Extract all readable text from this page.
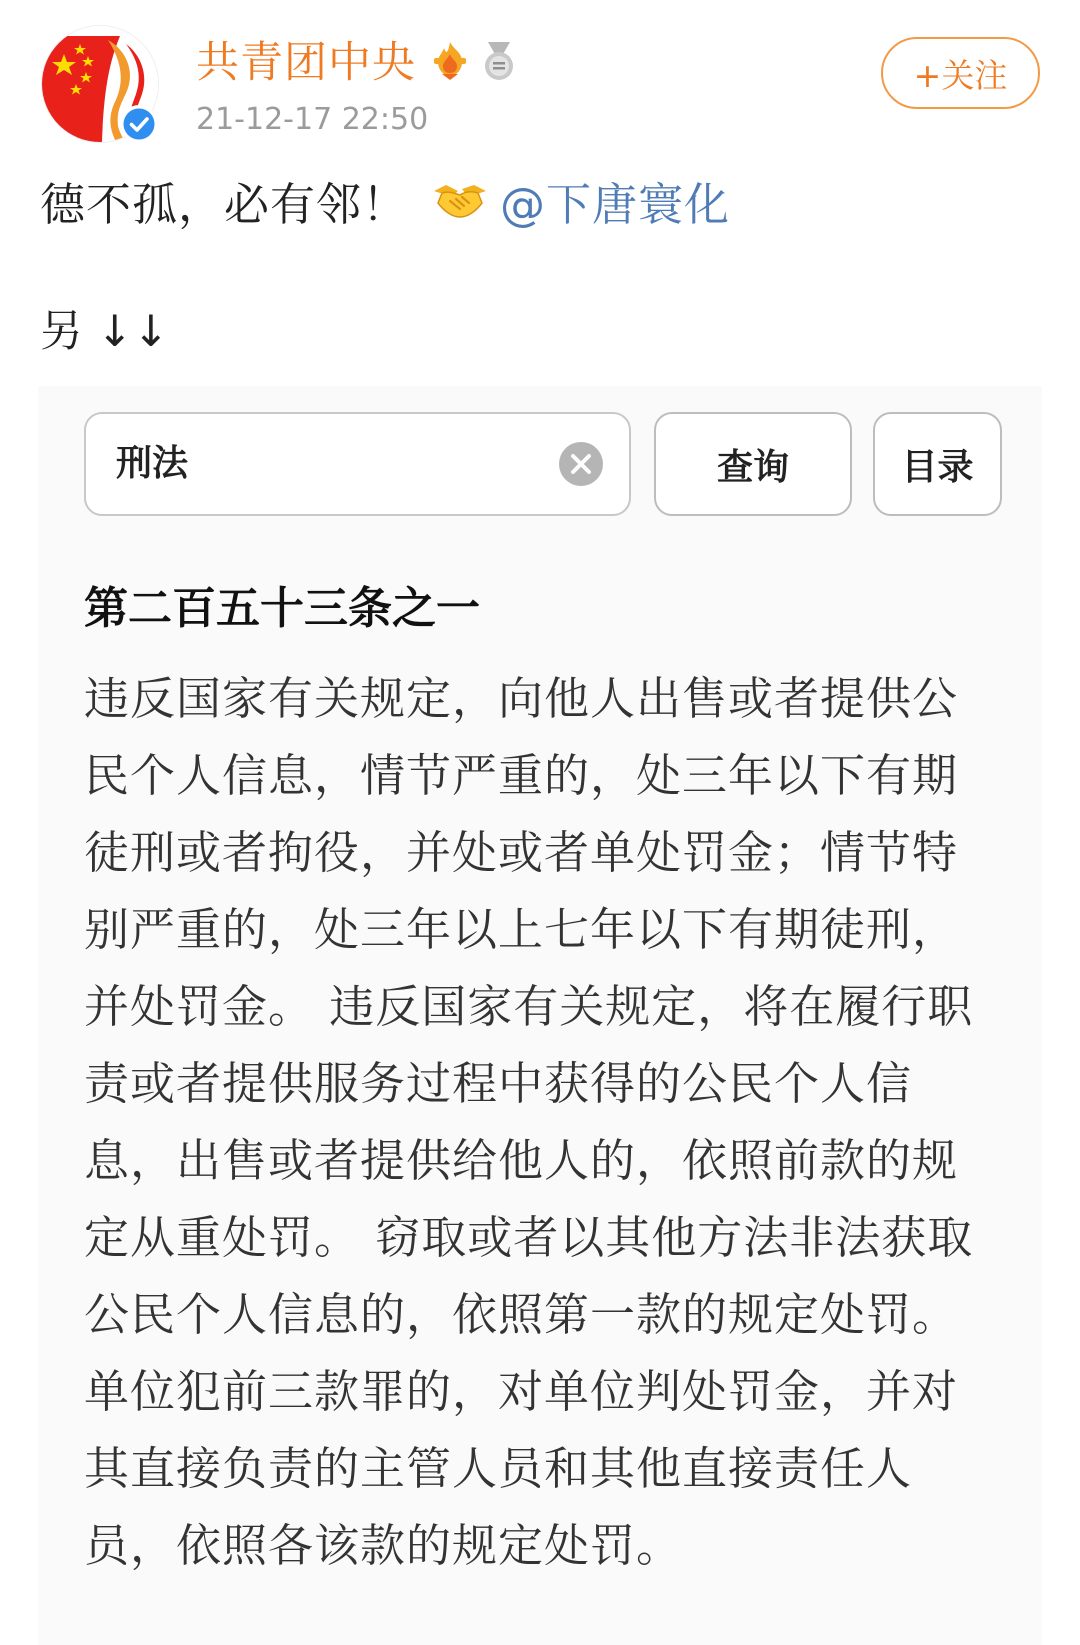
共青团中央
21-12-17 22:50
+关注
德不孤，必有邻！ @下唐寰化
另 ↓↓
刑法	查询	目录
第二百五十三条之一
违反国家有关规定，向他人出售或者提供公
民个人信息，情节严重的，处三年以下有期
徒刑或者拘役，并处或者单处罚金；情节特
别严重的，处三年以上七年以下有期徒刑，
并处罚金。 违反国家有关规定，将在履行职
责或者提供服务过程中获得的公民个人信
息，出售或者提供给他人的，依照前款的规
定从重处罚。 窃取或者以其他方法非法获取
公民个人信息的，依照第一款的规定处罚。
单位犯前三款罪的，对单位判处罚金，并对
其直接负责的主管人员和其他直接责任人
员，依照各该款的规定处罚。
